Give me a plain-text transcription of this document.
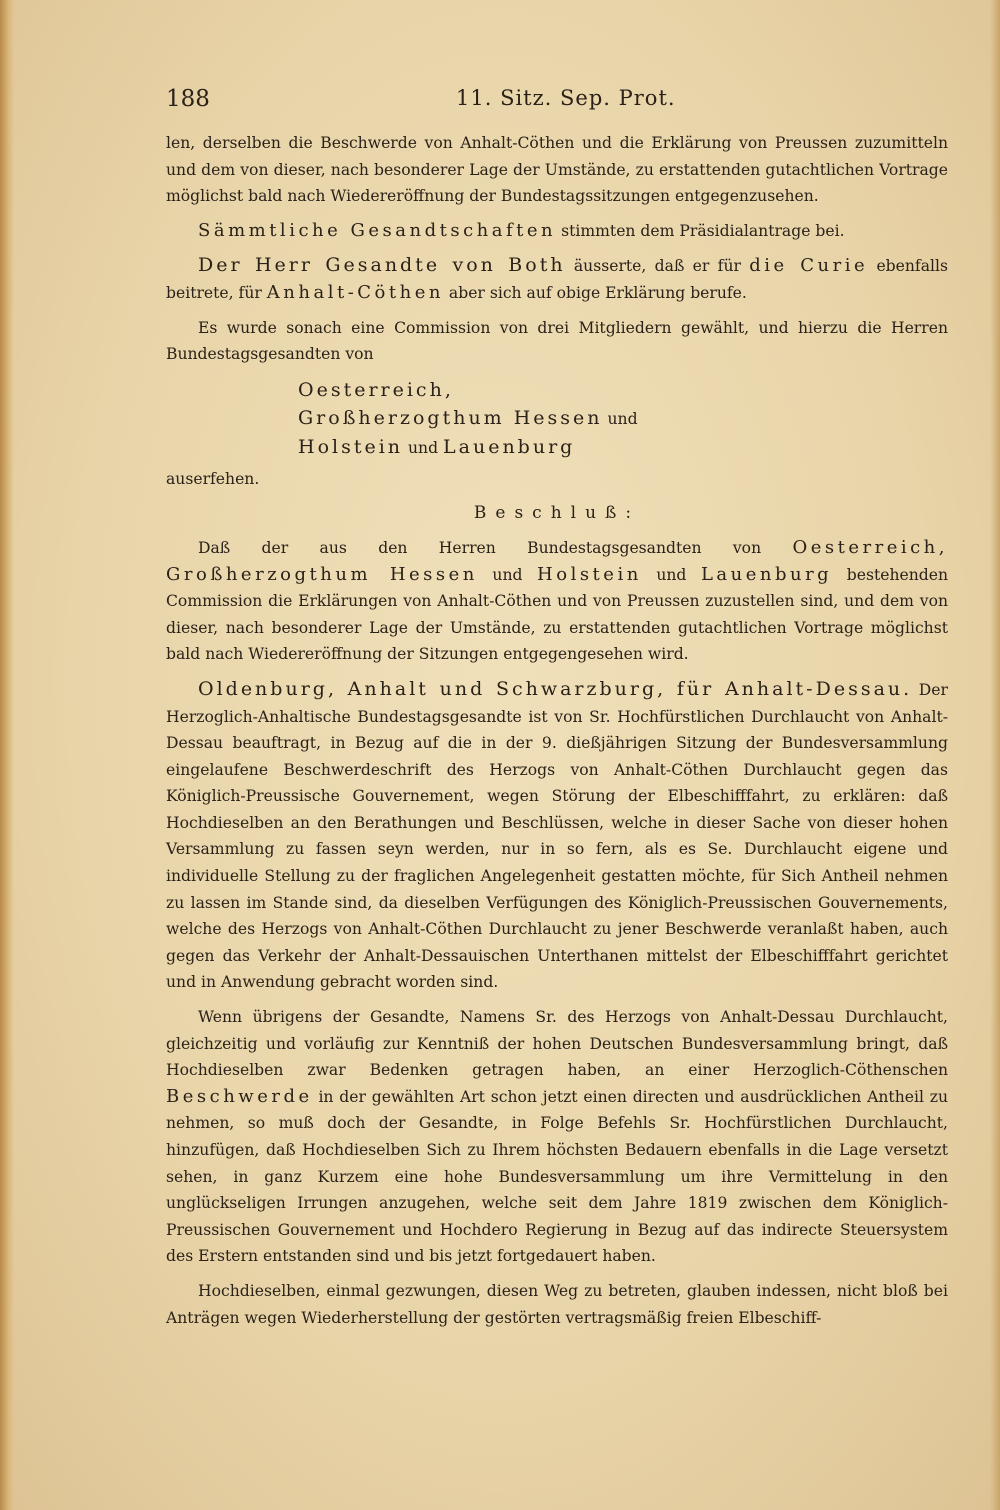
188	11. Sitz. Sep. Prot.

len, derselben die Beschwerde von Anhalt-Cöthen und die Erklärung von Preussen zuzumitteln und dem von dieser, nach besonderer Lage der Umstände, zu erstattenden gutachtlichen Vortrage möglichst bald nach Wiedereröffnung der Bundestagssitzungen entgegenzusehen.

Sämmtliche Gesandtschaften stimmten dem Präsidialantrage bei.

Der Herr Gesandte von Both äusserte, daß er für die Curie ebenfalls beitrete, für Anhalt-Cöthen aber sich auf obige Erklärung berufe.

Es wurde sonach eine Commission von drei Mitgliedern gewählt, und hierzu die Herren Bundestagsgesandten von

Oesterreich,
Großherzogthum Hessen und
Holstein und Lauenburg

auserfehen.

Beschluß:

Daß der aus den Herren Bundestagsgesandten von Oesterreich, Großherzogthum Hessen und Holstein und Lauenburg bestehenden Commission die Erklärungen von Anhalt-Cöthen und von Preussen zuzustellen sind, und dem von dieser, nach besonderer Lage der Umstände, zu erstattenden gutachtlichen Vortrage möglichst bald nach Wiedereröffnung der Sitzungen entgegengesehen wird.

Oldenburg, Anhalt und Schwarzburg, für Anhalt-Dessau. Der Herzoglich-Anhaltische Bundestagsgesandte ist von Sr. Hochfürstlichen Durchlaucht von Anhalt-Dessau beauftragt, in Bezug auf die in der 9. dießjährigen Sitzung der Bundesversammlung eingelaufene Beschwerdeschrift des Herzogs von Anhalt-Cöthen Durchlaucht gegen das Königlich-Preussische Gouvernement, wegen Störung der Elbeschifffahrt, zu erklären: daß Hochdieselben an den Berathungen und Beschlüssen, welche in dieser Sache von dieser hohen Versammlung zu fassen seyn werden, nur in so fern, als es Se. Durchlaucht eigene und individuelle Stellung zu der fraglichen Angelegenheit gestatten möchte, für Sich Antheil nehmen zu lassen im Stande sind, da dieselben Verfügungen des Königlich-Preussischen Gouvernements, welche des Herzogs von Anhalt-Cöthen Durchlaucht zu jener Beschwerde veranlaßt haben, auch gegen das Verkehr der Anhalt-Dessauischen Unterthanen mittelst der Elbeschifffahrt gerichtet und in Anwendung gebracht worden sind.

Wenn übrigens der Gesandte, Namens Sr. des Herzogs von Anhalt-Dessau Durchlaucht, gleichzeitig und vorläufig zur Kenntniß der hohen Deutschen Bundesversammlung bringt, daß Hochdieselben zwar Bedenken getragen haben, an einer Herzoglich-Cöthenschen Beschwerde in der gewählten Art schon jetzt einen directen und ausdrücklichen Antheil zu nehmen, so muß doch der Gesandte, in Folge Befehls Sr. Hochfürstlichen Durchlaucht, hinzufügen, daß Hochdieselben Sich zu Ihrem höchsten Bedauern ebenfalls in die Lage versetzt sehen, in ganz Kurzem eine hohe Bundesversammlung um ihre Vermittelung in den unglückseligen Irrungen anzugehen, welche seit dem Jahre 1819 zwischen dem Königlich-Preussischen Gouvernement und Hochdero Regierung in Bezug auf das indirecte Steuersystem des Erstern entstanden sind und bis jetzt fortgedauert haben.

Hochdieselben, einmal gezwungen, diesen Weg zu betreten, glauben indessen, nicht bloß bei Anträgen wegen Wiederherstellung der gestörten vertragsmäßig freien Elbeschiff-
